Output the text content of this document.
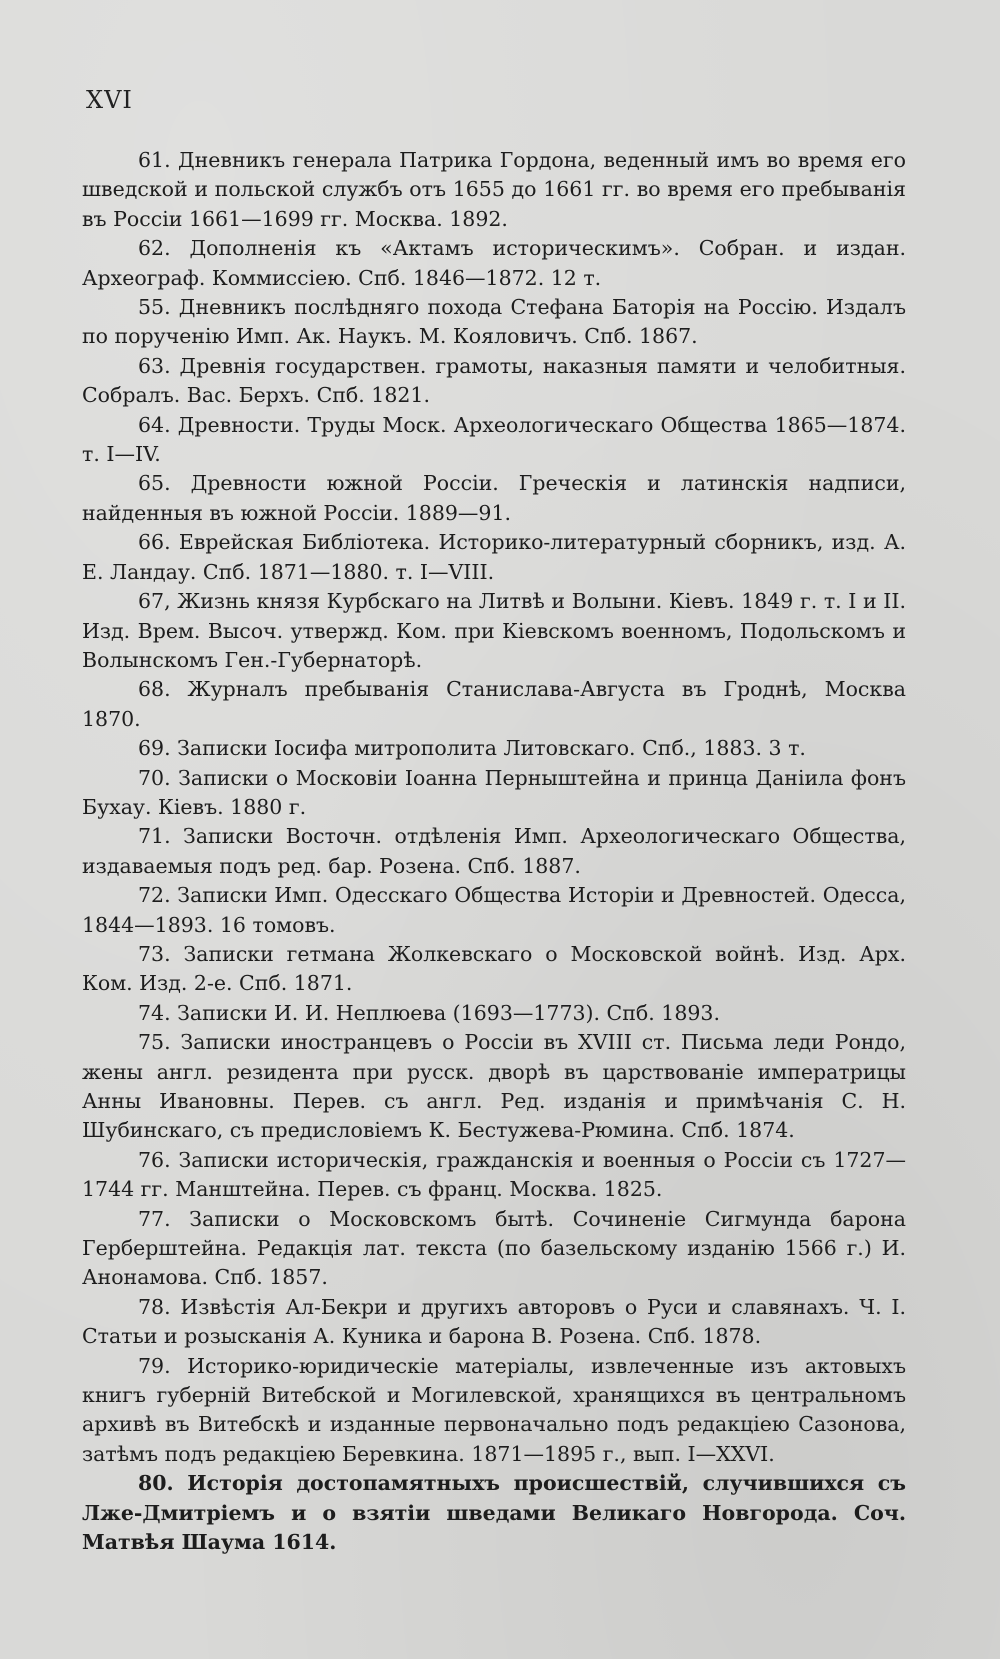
XVI

61. Дневникъ генерала Патрика Гордона, веденный имъ во время его шведской и польской службъ отъ 1655 до 1661 гг. во время его пребыванія въ Россіи 1661—1699 гг. Москва. 1892.

62. Дополненія къ «Актамъ историческимъ». Собран. и издан. Археограф. Коммиссіею. Спб. 1846—1872. 12 т.

55. Дневникъ послѣдняго похода Стефана Баторія на Россію. Издалъ по порученію Имп. Ак. Наукъ. М. Кояловичъ. Спб. 1867.

63. Древнія государствен. грамоты, наказныя памяти и челобитныя. Собралъ. Вас. Берхъ. Спб. 1821.

64. Древности. Труды Моск. Археологическаго Общества 1865—1874. т. I—IV.

65. Древности южной Россіи. Греческія и латинскія надписи, найденныя въ южной Россіи. 1889—91.

66. Еврейская Библіотека. Историко-литературный сборникъ, изд. А. Е. Ландау. Спб. 1871—1880. т. I—VIII.

67, Жизнь князя Курбскаго на Литвѣ и Волыни. Кіевъ. 1849 г. т. I и II. Изд. Врем. Высоч. утвержд. Ком. при Кіевскомъ военномъ, Подольскомъ и Волынскомъ Ген.-Губернаторѣ.

68. Журналъ пребыванія Станислава-Августа въ Гроднѣ, Москва 1870.

69. Записки Іосифа митрополита Литовскаго. Спб., 1883. 3 т.

70. Записки о Московіи Іоанна Перныштейна и принца Даніила фонъ Бухау. Кіевъ. 1880 г.

71. Записки Восточн. отдѣленія Имп. Археологическаго Общества, издаваемыя подъ ред. бар. Розена. Спб. 1887.

72. Записки Имп. Одесскаго Общества Исторіи и Древностей. Одесса, 1844—1893. 16 томовъ.

73. Записки гетмана Жолкевскаго о Московской войнѣ. Изд. Арх. Ком. Изд. 2-е. Спб. 1871.

74. Записки И. И. Неплюева (1693—1773). Спб. 1893.

75. Записки иностранцевъ о Россіи въ XVIII ст. Письма леди Рондо, жены англ. резидента при русск. дворѣ въ царствованіе императрицы Анны Ивановны. Перев. съ англ. Ред. изданія и примѣчанія С. Н. Шубинскаго, съ предисловіемъ К. Бестужева-Рюмина. Спб. 1874.

76. Записки историческія, гражданскія и военныя о Россіи съ 1727—1744 гг. Манштейна. Перев. съ франц. Москва. 1825.

77. Записки о Московскомъ бытѣ. Сочиненіе Сигмунда барона Герберштейна. Редакція лат. текста (по базельскому изданію 1566 г.) И. Анонамова. Спб. 1857.

78. Извѣстія Ал-Бекри и другихъ авторовъ о Руси и славянахъ. Ч. I. Статьи и розысканія А. Куника и барона В. Розена. Спб. 1878.

79. Историко-юридическіе матеріалы, извлеченные изъ актовыхъ книгъ губерній Витебской и Могилевской, хранящихся въ центральномъ архивѣ въ Витебскѣ и изданные первоначально подъ редакціею Сазонова, затѣмъ подъ редакціею Беревкина. 1871—1895 г., вып. I—XXVI.

80. Исторія достопамятныхъ происшествій, случившихся съ Лже-Дмитріемъ и о взятіи шведами Великаго Новгорода. Соч. Матвѣя Шаума 1614.
